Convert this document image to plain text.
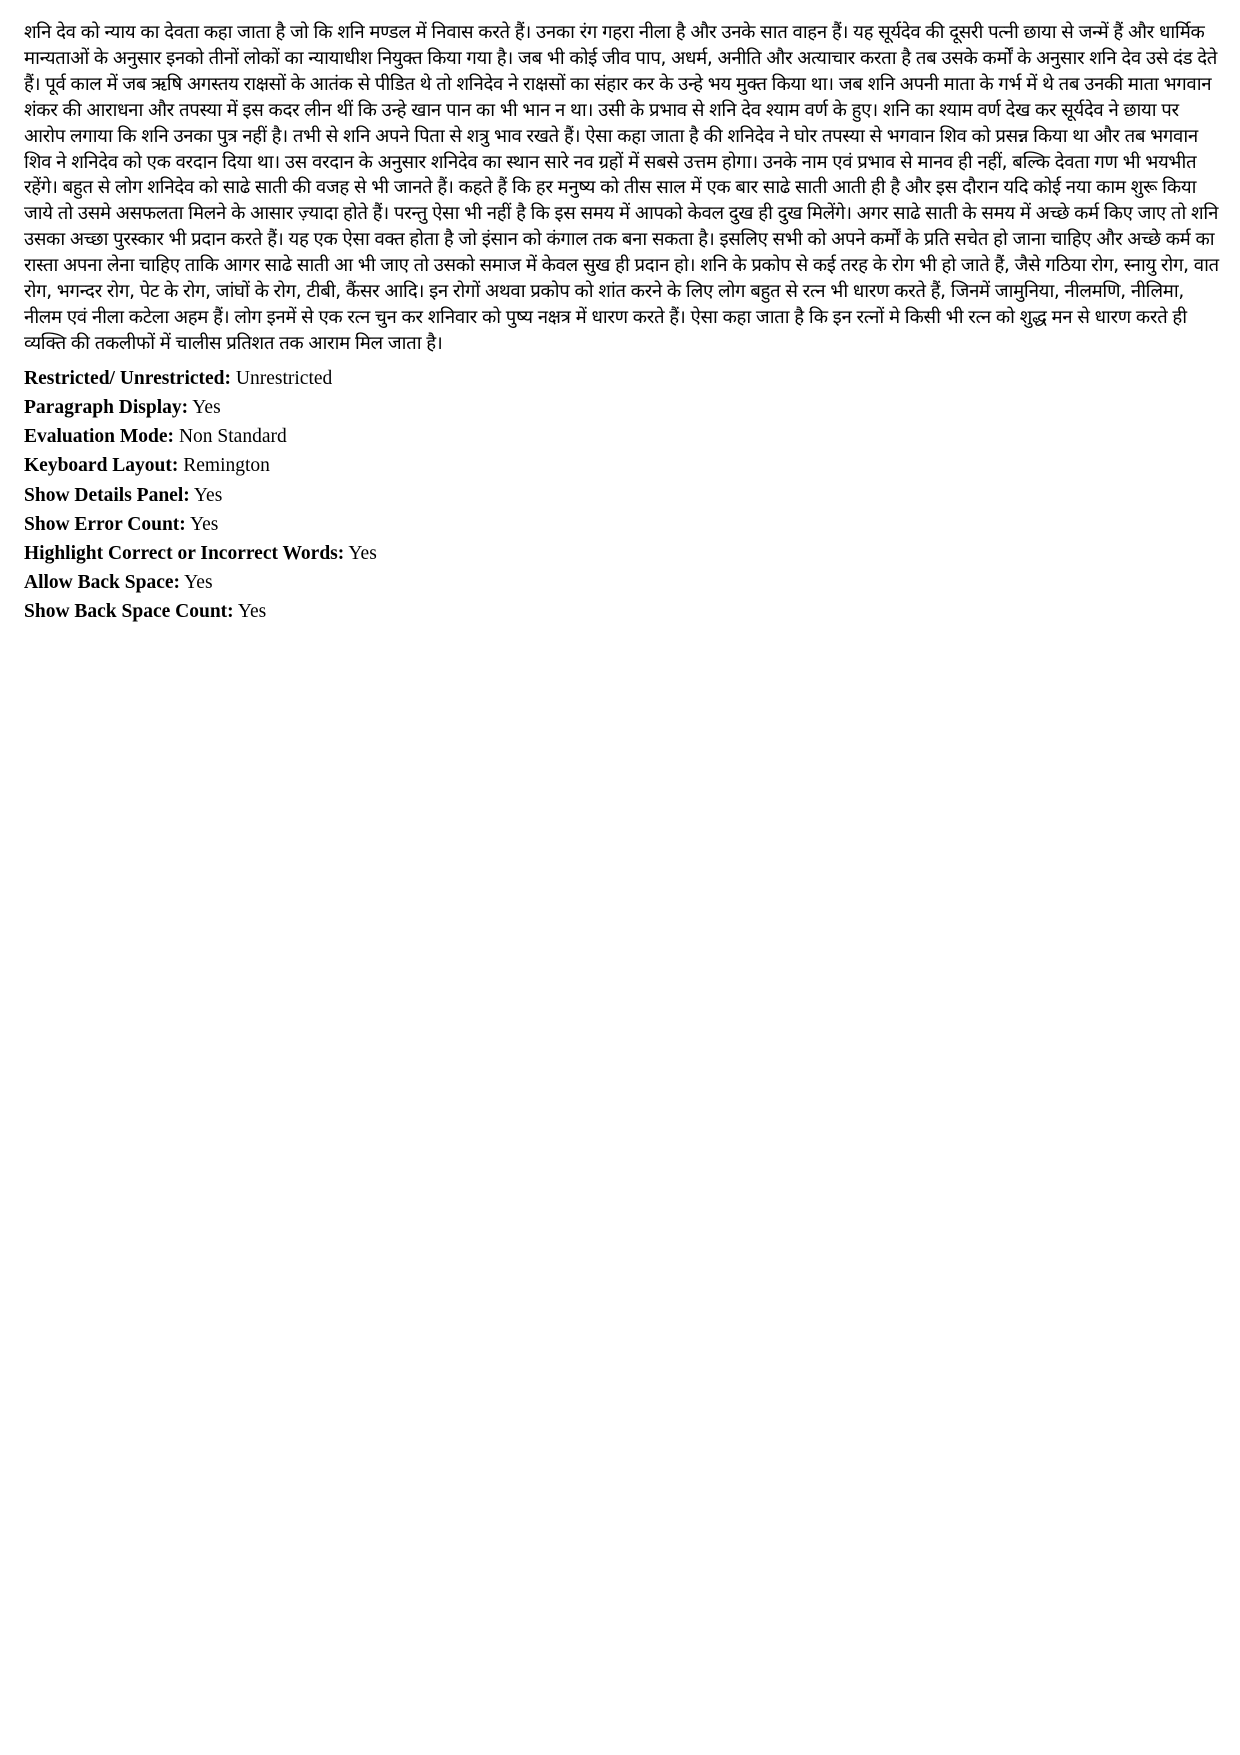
शनि देव को न्याय का देवता कहा जाता है जो कि शनि मण्डल में निवास करते हैं। उनका रंग गहरा नीला है और उनके सात वाहन हैं। यह सूर्यदेव की दूसरी पत्नी छाया से जन्में हैं और धार्मिक मान्यताओं के अनुसार इनको तीनों लोकों का न्यायाधीश नियुक्त किया गया है। जब भी कोई जीव पाप, अधर्म, अनीति और अत्याचार करता है तब उसके कर्मों के अनुसार शनि देव उसे दंड देते हैं। पूर्व काल में जब ऋषि अगस्तय राक्षसों के आतंक से पीडित थे तो शनिदेव ने राक्षसों का संहार कर के उन्हे भय मुक्त किया था। जब शनि अपनी माता के गर्भ में थे तब उनकी माता भगवान शंकर की आराधना और तपस्या में इस कदर लीन थीं कि उन्हे खान पान का भी भान न था। उसी के प्रभाव से शनि देव श्याम वर्ण के हुए। शनि का श्याम वर्ण देख कर सूर्यदेव ने छाया पर आरोप लगाया कि शनि उनका पुत्र नहीं है। तभी से शनि अपने पिता से शत्रु भाव रखते हैं। ऐसा कहा जाता है की शनिदेव ने घोर तपस्या से भगवान शिव को प्रसन्न किया था और तब भगवान शिव ने शनिदेव को एक वरदान दिया था। उस वरदान के अनुसार शनिदेव का स्थान सारे नव ग्रहों में सबसे उत्तम होगा। उनके नाम एवं प्रभाव से मानव ही नहीं, बल्कि देवता गण भी भयभीत रहेंगे। बहुत से लोग शनिदेव को साढे साती की वजह से भी जानते हैं। कहते हैं कि हर मनुष्य को तीस साल में एक बार साढे साती आती ही है और इस दौरान यदि कोई नया काम शुरू किया जाये तो उसमे असफलता मिलने के आसार ज़्यादा होते हैं। परन्तु ऐसा भी नहीं है कि इस समय में आपको केवल दुख ही दुख मिलेंगे। अगर साढे साती के समय में अच्छे कर्म किए जाए तो शनि उसका अच्छा पुरस्कार भी प्रदान करते हैं। यह एक ऐसा वक्त होता है जो इंसान को कंगाल तक बना सकता है। इसलिए सभी को अपने कर्मों के प्रति सचेत हो जाना चाहिए और अच्छे कर्म का रास्ता अपना लेना चाहिए ताकि आगर साढे साती आ भी जाए तो उसको समाज में केवल सुख ही प्रदान हो। शनि के प्रकोप से कई तरह के रोग भी हो जाते हैं, जैसे गठिया रोग, स्नायु रोग, वात रोग, भगन्दर रोग, पेट के रोग, जांघों के रोग, टीबी, कैंसर आदि। इन रोगों अथवा प्रकोप को शांत करने के लिए लोग बहुत से रत्न भी धारण करते हैं, जिनमें जामुनिया, नीलमणि, नीलिमा, नीलम एवं नीला कटेला अहम हैं। लोग इनमें से एक रत्न चुन कर शनिवार को पुष्य नक्षत्र में धारण करते हैं। ऐसा कहा जाता है कि इन रत्नों मे किसी भी रत्न को शुद्ध मन से धारण करते ही व्यक्ति की तकलीफों में चालीस प्रतिशत तक आराम मिल जाता है।

Restricted/ Unrestricted: Unrestricted
Paragraph Display: Yes
Evaluation Mode: Non Standard
Keyboard Layout: Remington
Show Details Panel: Yes
Show Error Count: Yes
Highlight Correct or Incorrect Words: Yes
Allow Back Space: Yes
Show Back Space Count: Yes
